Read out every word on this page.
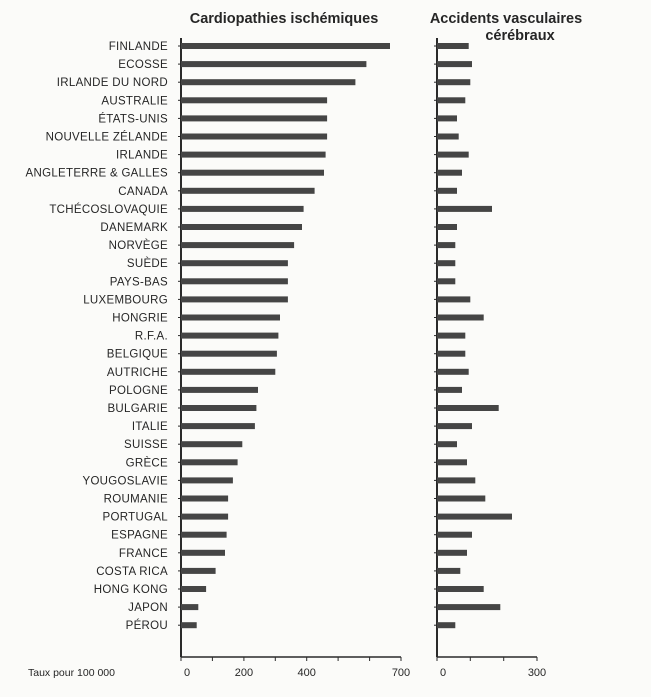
Cardiopathies ischémiques	Accidents vasculaires
cérébraux
FINLANDE
ECOSSE
IRLANDE DU NORD
AUSTRALIE
ÉTATS-UNIS
NOUVELLE ZÉLANDE
IRLANDE
ANGLETERRE & GALLES
CANADA
TCHÉCOSLOVAQUIE
DANEMARK
NORVÈGE
SUÈDE
PAYS-BAS
LUXEMBOURG
HONGRIE
R.F.A.
BELGIQUE
AUTRICHE
POLOGNE
BULGARIE
ITALIE
SUISSE
GRÈCE
YOUGOSLAVIE
ROUMANIE
PORTUGAL
ESPAGNE
FRANCE
COSTA RICA
HONG KONG
JAPON
PÉROU
0	200	400	700	0	300
Taux pour 100 000
